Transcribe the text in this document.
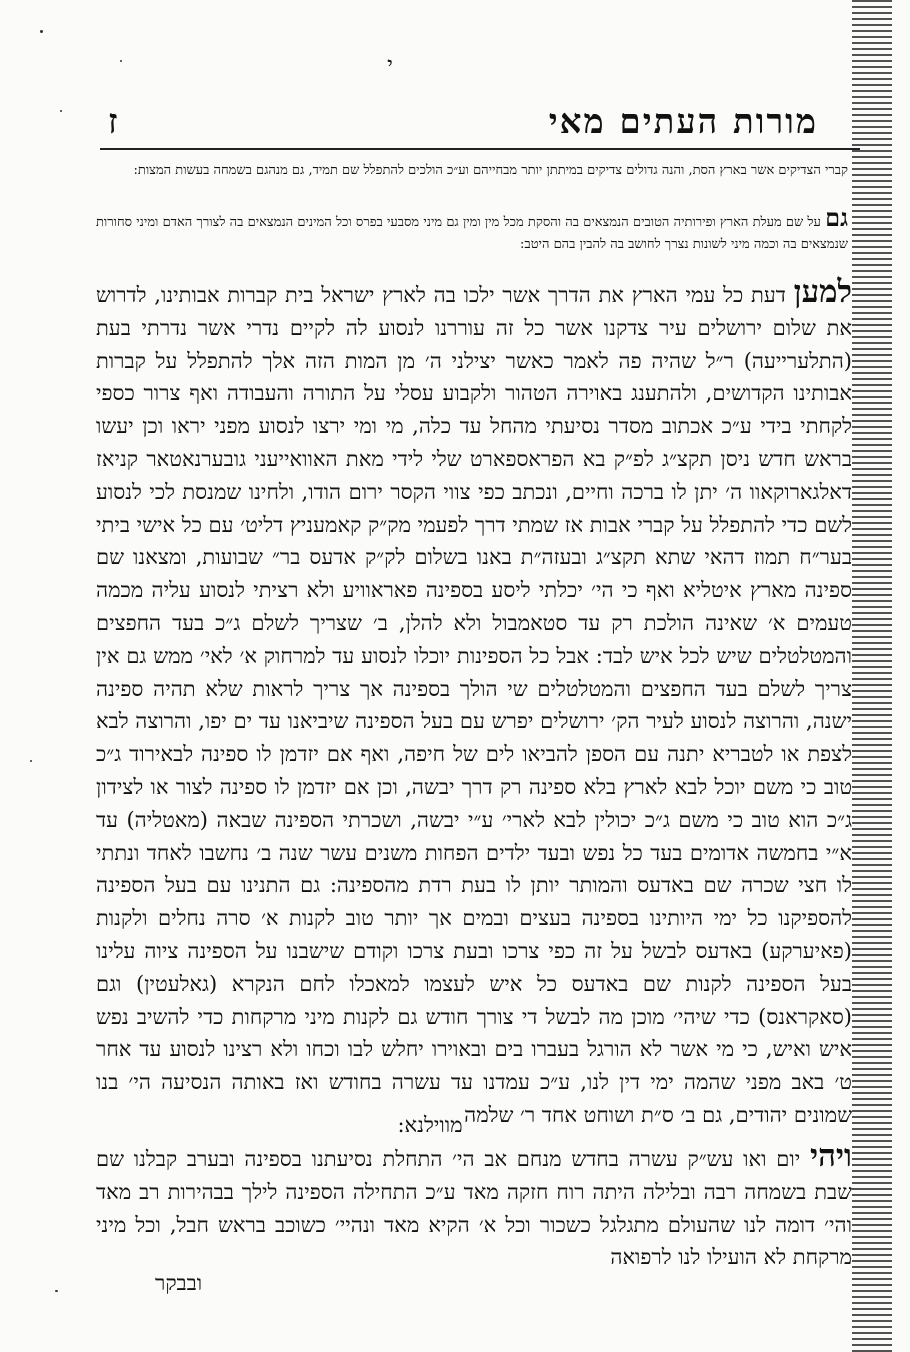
י
ז	מורות העתים מאי
קברי הצדיקים אשר בארץ הסת, והנה גדולים צדיקים במיתתן יותר מבחייהם וע״כ הולכים להתפלל שם תמיד, גם מנהגם בשמחה בעשות המצות:
גם על שם מעלת הארץ ופירותיה הטובים הנמצאים בה והסקת מכל מין ומין גם מיני מסבעי בפרס וכל המינים הנמצאים בה לצורך האדם ומיני סחורות שנמצאים בה וכמה מיני לשונות נצרך לחושב בה להבין בהם היטב:
למען דעת כל עמי הארץ את הדרך אשר ילכו בה לארץ ישראל בית קברות אבותינו, לדרוש את שלום ירושלים עיר צדקנו אשר כל זה עוררנו לנסוע לה לקיים נדרי אשר נדרתי בעת (התלערייעה) ר״ל שהיה פה לאמר כאשר יצילני ה׳ מן המות הזה אלך להתפלל על קברות אבותינו הקדושים, ולהתענג באוירה הטהור ולקבוע עסלי על התורה והעבודה ואף צרור כספי לקחתי בידי ע״כ אכתוב מסדר נסיעתי מהחל עד כלה, מי ומי ירצו לנסוע מפני יראו וכן יעשו בראש חדש ניסן תקצ״ג לפ״ק בא הפראספארט שלי לידי מאת האוואייעני גובערנאטאר קניאז דאלגארוקאוו ה׳ יתן לו ברכה וחיים, ונכתב כפי צווי הקסר ירום הודו, ולחינו שמנסת לכי לנסוע לשם כדי להתפלל על קברי אבות אז שמתי דרך לפעמי מק״ק קאמעניץ דליט׳ עם כל אישי ביתי בער״ח תמוז דהאי שתא תקצ״ג ובעזה״ת באנו בשלום לק״ק אדעס בר״ שבועות, ומצאנו שם ספינה מארץ איטליא ואף כי הי׳ יכלתי ליסע בספינה פאראוויע ולא רציתי לנסוע עליה מכמה טעמים א׳ שאינה הולכת רק עד סטאמבול ולא להלן, ב׳ שצריך לשלם ג״כ בעד החפצים והמטלטלים שיש לכל איש לבד: אבל כל הספינות יוכלו לנסוע עד למרחוק א׳ לאי׳ ממש גם אין צריך לשלם בעד החפצים והמטלטלים שי הולך בספינה אך צריך לראות שלא תהיה ספינה ישנה, והרוצה לנסוע לעיר הק׳ ירושלים יפרש עם בעל הספינה שיביאנו עד ים יפו, והרוצה לבא לצפת או לטבריא יתנה עם הספן להביאו לים של חיפה, ואף אם יזדמן לו ספינה לבאירוד ג״כ טוב כי משם יוכל לבא לארץ בלא ספינה רק דרך יבשה, וכן אם יזדמן לו ספינה לצור או לצידון ג״כ הוא טוב כי משם ג״כ יכולין לבא לארי׳ ע״י יבשה, ושכרתי הספינה שבאה (מאטליה) עד א״י בחמשה אדומים בעד כל נפש ובעד ילדים הפחות משנים עשר שנה ב׳ נחשבו לאחד ונתתי לו חצי שכרה שם באדעס והמותר יותן לו בעת רדת מהספינה: גם התנינו עם בעל הספינה להספיקנו כל ימי היותינו בספינה בעצים ובמים אך יותר טוב לקנות א׳ סרה נחלים ולקנות (פאיערקע) באדעס לבשל על זה כפי צרכו ובעת צרכו וקודם שישבנו על הספינה ציוה עלינו בעל הספינה לקנות שם באדעס כל איש לעצמו למאכלו לחם הנקרא (גאלעטין) וגם (סאקראנס) כדי שיהי׳ מוכן מה לבשל די צורך חודש גם לקנות מיני מרקחות כדי להשיב נפש איש ואיש, כי מי אשר לא הורגל בעברו בים ובאוירו יחלש לבו וכחו ולא רצינו לנסוע עד אחר ט׳ באב מפני שהמה ימי דין לנו, ע״כ עמדנו עד עשרה בחודש ואז באותה הנסיעה הי׳ בנו שמונים יהודים, גם ב׳ ס״ת ושוחט אחד ר׳ שלמה
מווילנא:
ויהי יום ואו עש״ק עשרה בחדש מנחם אב הי׳ התחלת נסיעתנו בספינה ובערב קבלנו שם שבת בשמחה רבה ובלילה היתה רוח חזקה מאד ע״כ התחילה הספינה לילך בבהירות רב מאד והי׳ דומה לנו שהעולם מתגלגל כשכור וכל א׳ הקיא מאד ונהיי׳ כשוכב בראש חבל, וכל מיני מרקחת לא הועילו לנו לרפואה
ובבקר
